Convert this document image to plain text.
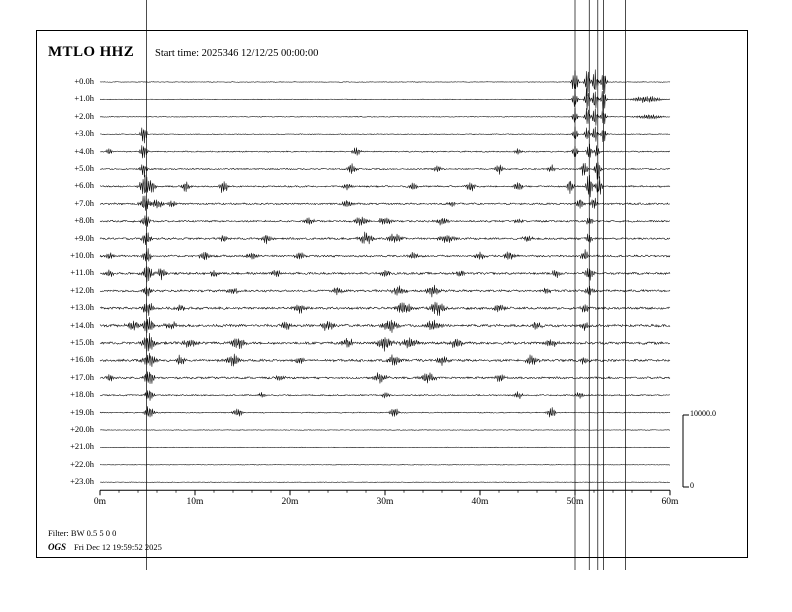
MTLO HHZ Start time: 2025346 12/12/25 00:00:00
+0.0h
+1.0h
+2.0h
+3.0h
+4.0h
+5.0h
+6.0h
+7.0h
+8.0h
+9.0h
+10.0h
+11.0h
+12.0h
+13.0h
+14.0h
+15.0h
+16.0h
+17.0h
+18.0h
+19.0h
+20.0h
+21.0h
+22.0h
+23.0h
0m	10m	20m	30m	40m	50m	60m
10000.0
0
Filter: BW 0.5 5 0 0
OGS Fri Dec 12 19:59:52 2025
